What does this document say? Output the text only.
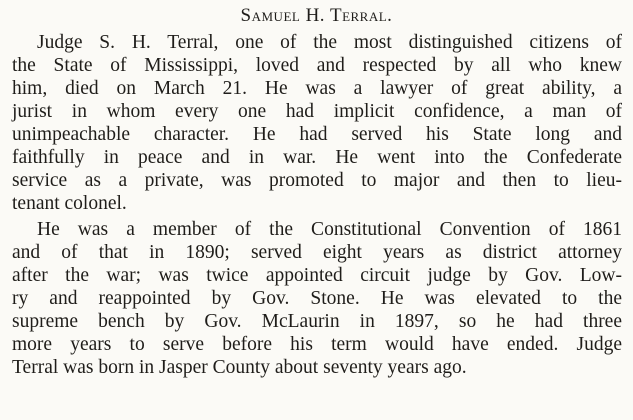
Samuel H. Terral.
Judge S. H. Terral, one of the most distinguished citizens of
the State of Mississippi, loved and respected by all who knew
him, died on March 21. He was a lawyer of great ability, a
jurist in whom every one had implicit confidence, a man of
unimpeachable character. He had served his State long and
faithfully in peace and in war. He went into the Confederate
service as a private, was promoted to major and then to lieu-
tenant colonel.
He was a member of the Constitutional Convention of 1861
and of that in 1890; served eight years as district attorney
after the war; was twice appointed circuit judge by Gov. Low-
ry and reappointed by Gov. Stone. He was elevated to the
supreme bench by Gov. McLaurin in 1897, so he had three
more years to serve before his term would have ended. Judge
Terral was born in Jasper County about seventy years ago.
